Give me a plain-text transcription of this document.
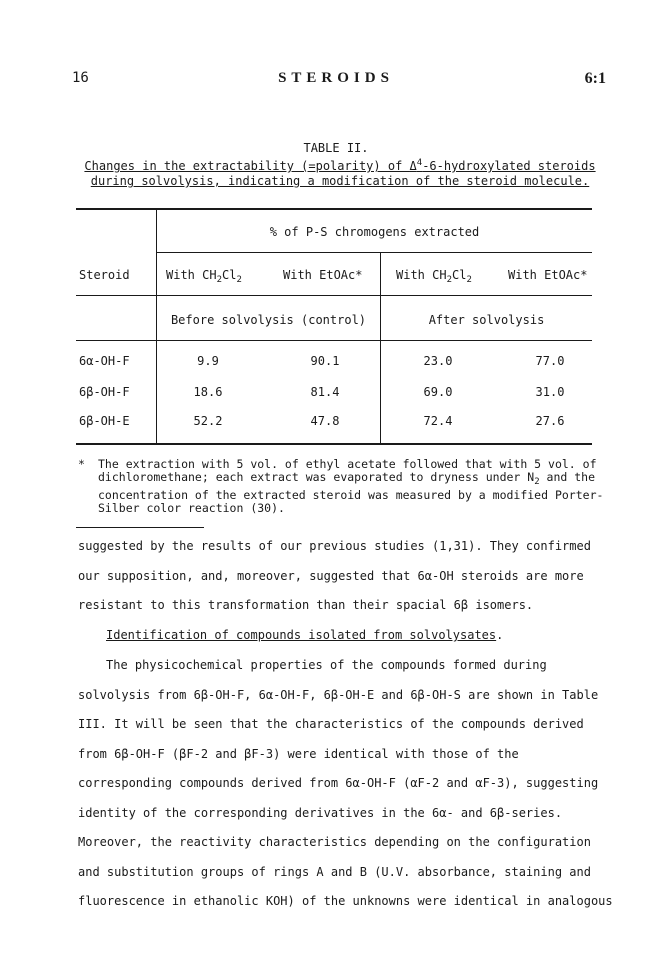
16	STEROIDS	6:1
TABLE II.
Changes in the extractability (=polarity) of $\Delta^4-6$-hydroxylated steroids during solvolysis, indicating a modification of the steroid molecule.
% of P-S chromogens extracted
Steroid	With $CH_2Cl_2$	With EtOAc*	With $CH_2Cl_2$	With EtOAc*
Before solvolysis (control)	After solvolysis
6α-OH-F	9.9	90.1	23.0	77.0
6β-OH-F	18.6	81.4	69.0	31.0
6β-OH-E	52.2	47.8	72.4	27.6
* The extraction with 5 vol. of ethyl acetate followed that with 5 vol. of dichloromethane; each extract was evaporated to dryness under $N_2$ and the concentration of the extracted steroid was measured by a modified Porter-Silber color reaction (30).
suggested by the results of our previous studies (1,31). They confirmed our supposition, and, moreover, suggested that 6α-OH steroids are more resistant to this transformation than their spacial 6β isomers.
Identification of compounds isolated from solvolysates.
The physicochemical properties of the compounds formed during solvolysis from 6β-OH-F, 6α-OH-F, 6β-OH-E and 6β-OH-S are shown in Table III. It will be seen that the characteristics of the compounds derived from 6β-OH-F (βF-2 and βF-3) were identical with those of the corresponding compounds derived from 6α-OH-F (αF-2 and αF-3), suggesting identity of the corresponding derivatives in the 6α- and 6β-series. Moreover, the reactivity characteristics depending on the configuration and substitution groups of rings A and B (U.V. absorbance, staining and fluorescence in ethanolic KOH) of the unknowns were identical in analogous
